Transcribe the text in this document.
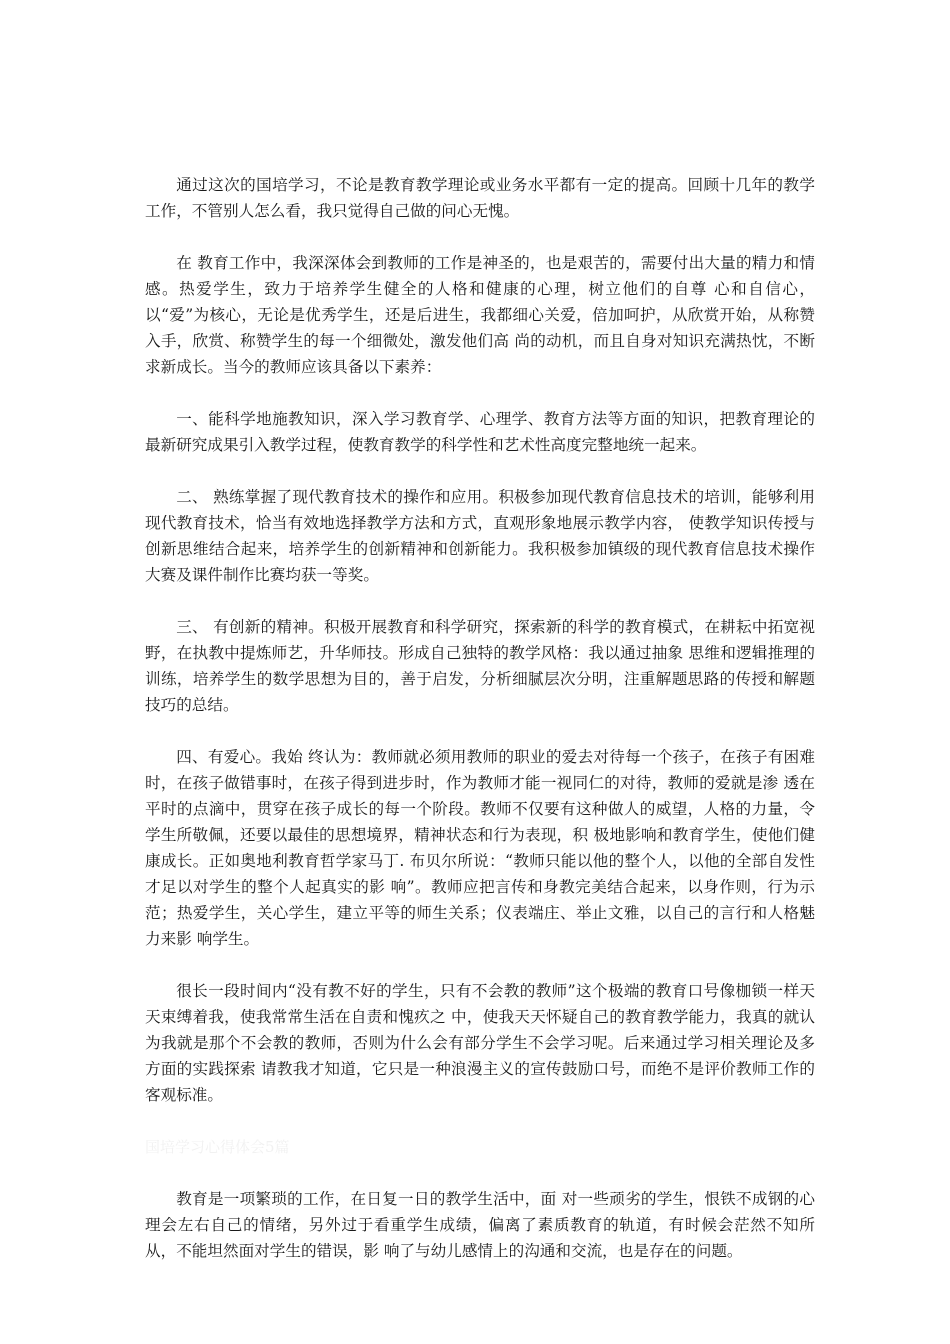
通过这次的国培学习，不论是教育教学理论或业务水平都有一定的提高。回顾十几年的教学工作，不管别人怎么看，我只觉得自己做的问心无愧。

在 教育工作中，我深深体会到教师的工作是神圣的，也是艰苦的，需要付出大量的精力和情感。热爱学生，致力于培养学生健全的人格和健康的心理，树立他们的自尊 心和自信心，以“爱”为核心，无论是优秀学生，还是后进生，我都细心关爱，倍加呵护，从欣赏开始，从称赞入手，欣赏、称赞学生的每一个细微处，激发他们高 尚的动机，而且自身对知识充满热忱，不断求新成长。当今的教师应该具备以下素养：

一、能科学地施教知识，深入学习教育学、心理学、教育方法等方面的知识，把教育理论的最新研究成果引入教学过程，使教育教学的科学性和艺术性高度完整地统一起来。

二、 熟练掌握了现代教育技术的操作和应用。积极参加现代教育信息技术的培训，能够利用现代教育技术，恰当有效地选择教学方法和方式，直观形象地展示教学内容， 使教学知识传授与创新思维结合起来，培养学生的创新精神和创新能力。我积极参加镇级的现代教育信息技术操作大赛及课件制作比赛均获一等奖。

三、 有创新的精神。积极开展教育和科学研究，探索新的科学的教育模式，在耕耘中拓宽视野，在执教中提炼师艺，升华师技。形成自己独特的教学风格：我以通过抽象 思维和逻辑推理的训练，培养学生的数学思想为目的，善于启发，分析细腻层次分明，注重解题思路的传授和解题技巧的总结。

四、有爱心。我始 终认为：教师就必须用教师的职业的爱去对待每一个孩子，在孩子有困难时，在孩子做错事时，在孩子得到进步时，作为教师才能一视同仁的对待，教师的爱就是渗 透在平时的点滴中，贯穿在孩子成长的每一个阶段。教师不仅要有这种做人的威望，人格的力量，令学生所敬佩，还要以最佳的思想境界，精神状态和行为表现，积 极地影响和教育学生，使他们健康成长。正如奥地利教育哲学家马丁. 布贝尔所说：“教师只能以他的整个人，以他的全部自发性才足以对学生的整个人起真实的影 响”。教师应把言传和身教完美结合起来，以身作则，行为示范；热爱学生，关心学生，建立平等的师生关系；仪表端庄、举止文雅，以自己的言行和人格魅力来影 响学生。

很长一段时间内“没有教不好的学生，只有不会教的教师”这个极端的教育口号像枷锁一样天天束缚着我，使我常常生活在自责和愧疚之 中，使我天天怀疑自己的教育教学能力，我真的就认为我就是那个不会教的教师，否则为什么会有部分学生不会学习呢。后来通过学习相关理论及多方面的实践探索 请教我才知道，它只是一种浪漫主义的宣传鼓励口号，而绝不是评价教师工作的客观标准。

国培学习心得体会5篇

教育是一项繁琐的工作，在日复一日的教学生活中，面 对一些顽劣的学生，恨铁不成钢的心理会左右自己的情绪，另外过于看重学生成绩，偏离了素质教育的轨道，有时候会茫然不知所从，不能坦然面对学生的错误，影 响了与幼儿感情上的沟通和交流，也是存在的问题。
